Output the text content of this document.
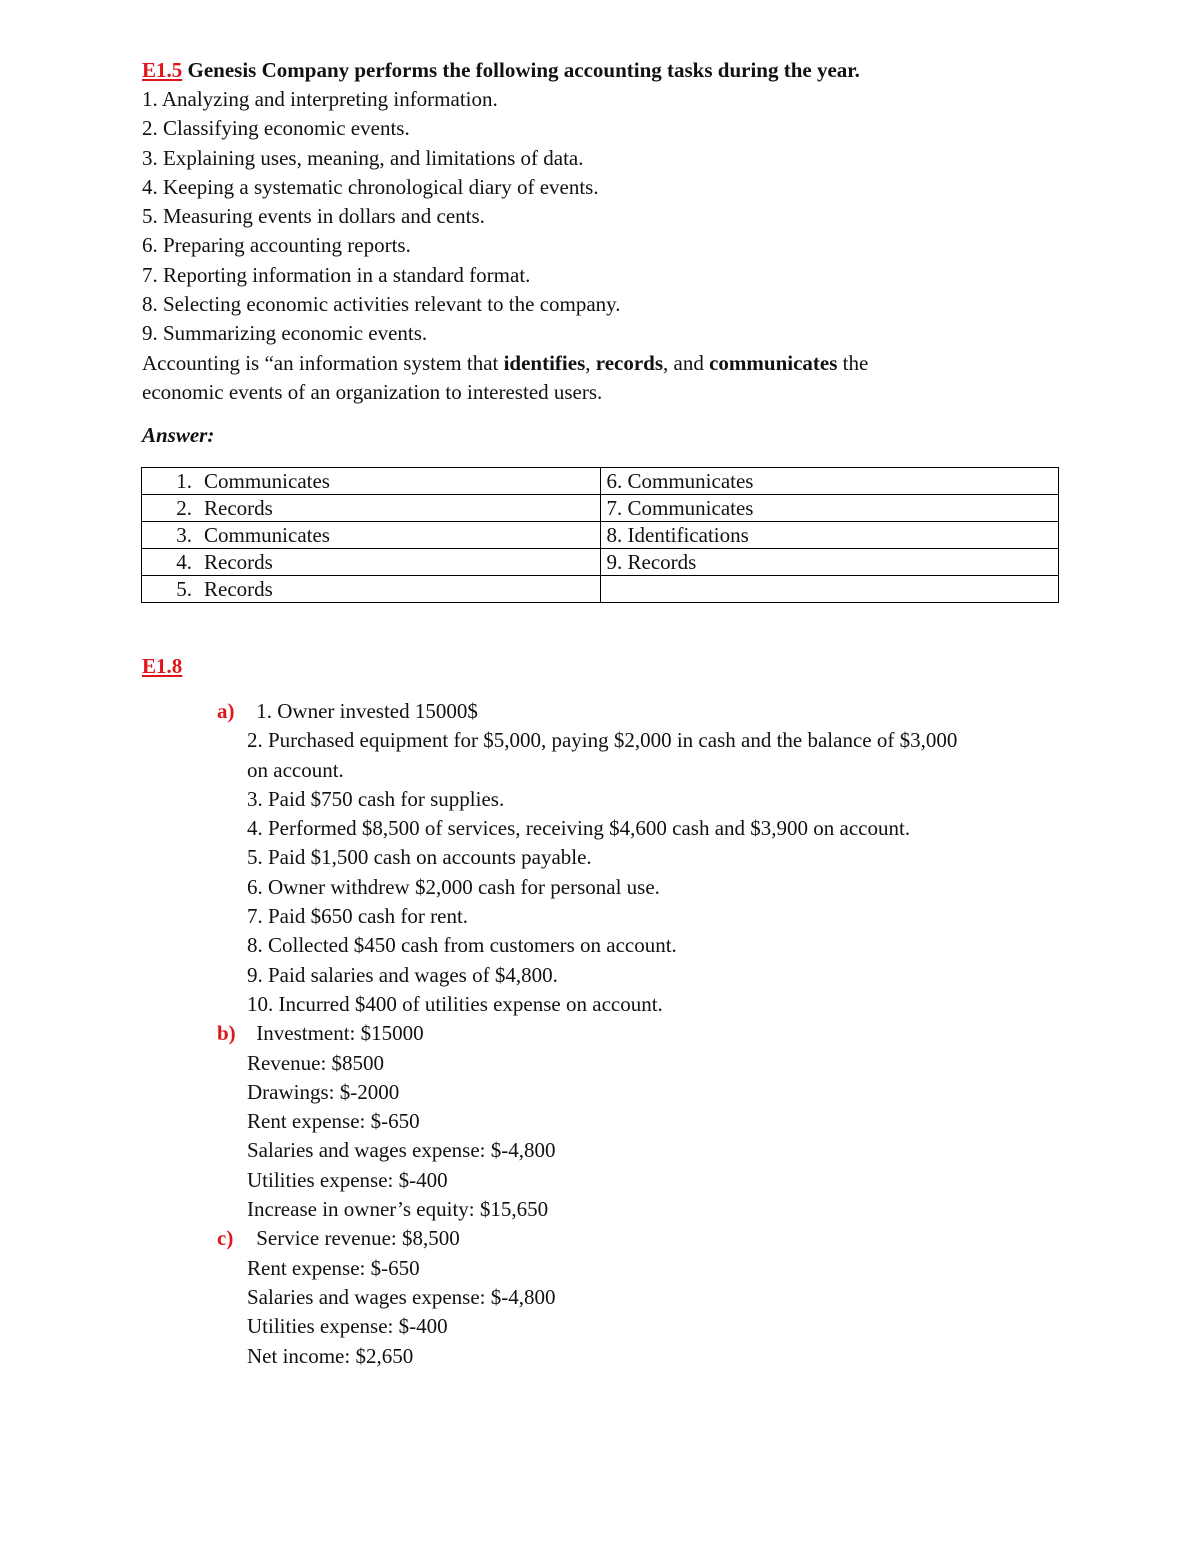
E1.5 Genesis Company performs the following accounting tasks during the year.
1. Analyzing and interpreting information.
2. Classifying economic events.
3. Explaining uses, meaning, and limitations of data.
4. Keeping a systematic chronological diary of events.
5. Measuring events in dollars and cents.
6. Preparing accounting reports.
7. Reporting information in a standard format.
8. Selecting economic activities relevant to the company.
9. Summarizing economic events.
Accounting is “an information system that identifies, records, and communicates the
economic events of an organization to interested users.
Answer:
1. Communicates	6. Communicates
2. Records	7. Communicates
3. Communicates	8. Identifications
4. Records	9. Records
5. Records	
E1.8
a) 1. Owner invested 15000$
2. Purchased equipment for $5,000, paying $2,000 in cash and the balance of $3,000
on account.
3. Paid $750 cash for supplies.
4. Performed $8,500 of services, receiving $4,600 cash and $3,900 on account.
5. Paid $1,500 cash on accounts payable.
6. Owner withdrew $2,000 cash for personal use.
7. Paid $650 cash for rent.
8. Collected $450 cash from customers on account.
9. Paid salaries and wages of $4,800.
10. Incurred $400 of utilities expense on account.
b) Investment: $15000
Revenue: $8500
Drawings: $-2000
Rent expense: $-650
Salaries and wages expense: $-4,800
Utilities expense: $-400
Increase in owner’s equity: $15,650
c) Service revenue: $8,500
Rent expense: $-650
Salaries and wages expense: $-4,800
Utilities expense: $-400
Net income: $2,650
